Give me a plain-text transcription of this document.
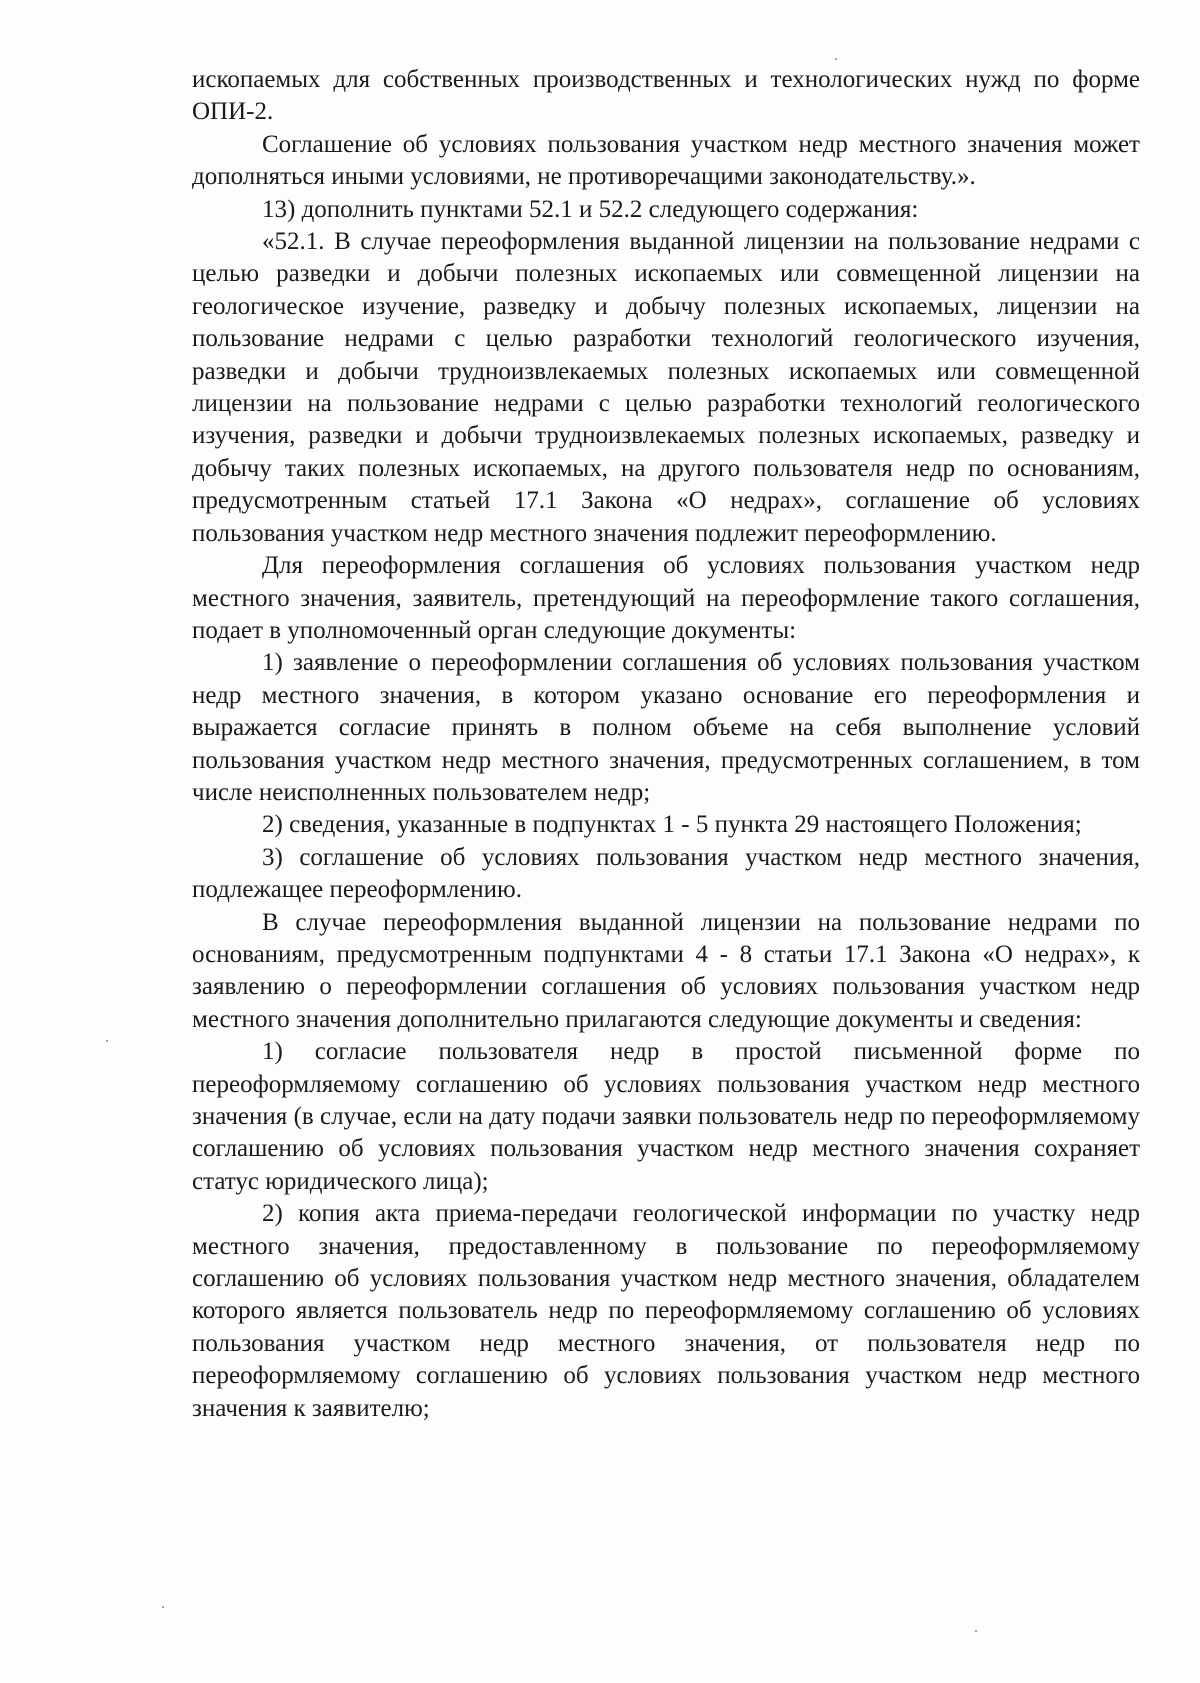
ископаемых для собственных производственных и технологических нужд по форме ОПИ-2.

Соглашение об условиях пользования участком недр местного значения может дополняться иными условиями, не противоречащими законодательству.».

13) дополнить пунктами 52.1 и 52.2 следующего содержания:

«52.1. В случае переоформления выданной лицензии на пользование недрами с целью разведки и добычи полезных ископаемых или совмещенной лицензии на геологическое изучение, разведку и добычу полезных ископаемых, лицензии на пользование недрами с целью разработки технологий геологического изучения, разведки и добычи трудноизвлекаемых полезных ископаемых или совмещенной лицензии на пользование недрами с целью разработки технологий геологического изучения, разведки и добычи трудноизвлекаемых полезных ископаемых, разведку и добычу таких полезных ископаемых, на другого пользователя недр по основаниям, предусмотренным статьей 17.1 Закона «О недрах», соглашение об условиях пользования участком недр местного значения подлежит переоформлению.

Для переоформления соглашения об условиях пользования участком недр местного значения, заявитель, претендующий на переоформление такого соглашения, подает в уполномоченный орган следующие документы:

1) заявление о переоформлении соглашения об условиях пользования участком недр местного значения, в котором указано основание его переоформления и выражается согласие принять в полном объеме на себя выполнение условий пользования участком недр местного значения, предусмотренных соглашением, в том числе неисполненных пользователем недр;

2) сведения, указанные в подпунктах 1 - 5 пункта 29 настоящего Положения;

3) соглашение об условиях пользования участком недр местного значения, подлежащее переоформлению.

В случае переоформления выданной лицензии на пользование недрами по основаниям, предусмотренным подпунктами 4 - 8 статьи 17.1 Закона «О недрах», к заявлению о переоформлении соглашения об условиях пользования участком недр местного значения дополнительно прилагаются следующие документы и сведения:

1) согласие пользователя недр в простой письменной форме по переоформляемому соглашению об условиях пользования участком недр местного значения (в случае, если на дату подачи заявки пользователь недр по переоформляемому соглашению об условиях пользования участком недр местного значения сохраняет статус юридического лица);

2) копия акта приема-передачи геологической информации по участку недр местного значения, предоставленному в пользование по переоформляемому соглашению об условиях пользования участком недр местного значения, обладателем которого является пользователь недр по переоформляемому соглашению об условиях пользования участком недр местного значения, от пользователя недр по переоформляемому соглашению об условиях пользования участком недр местного значения к заявителю;
